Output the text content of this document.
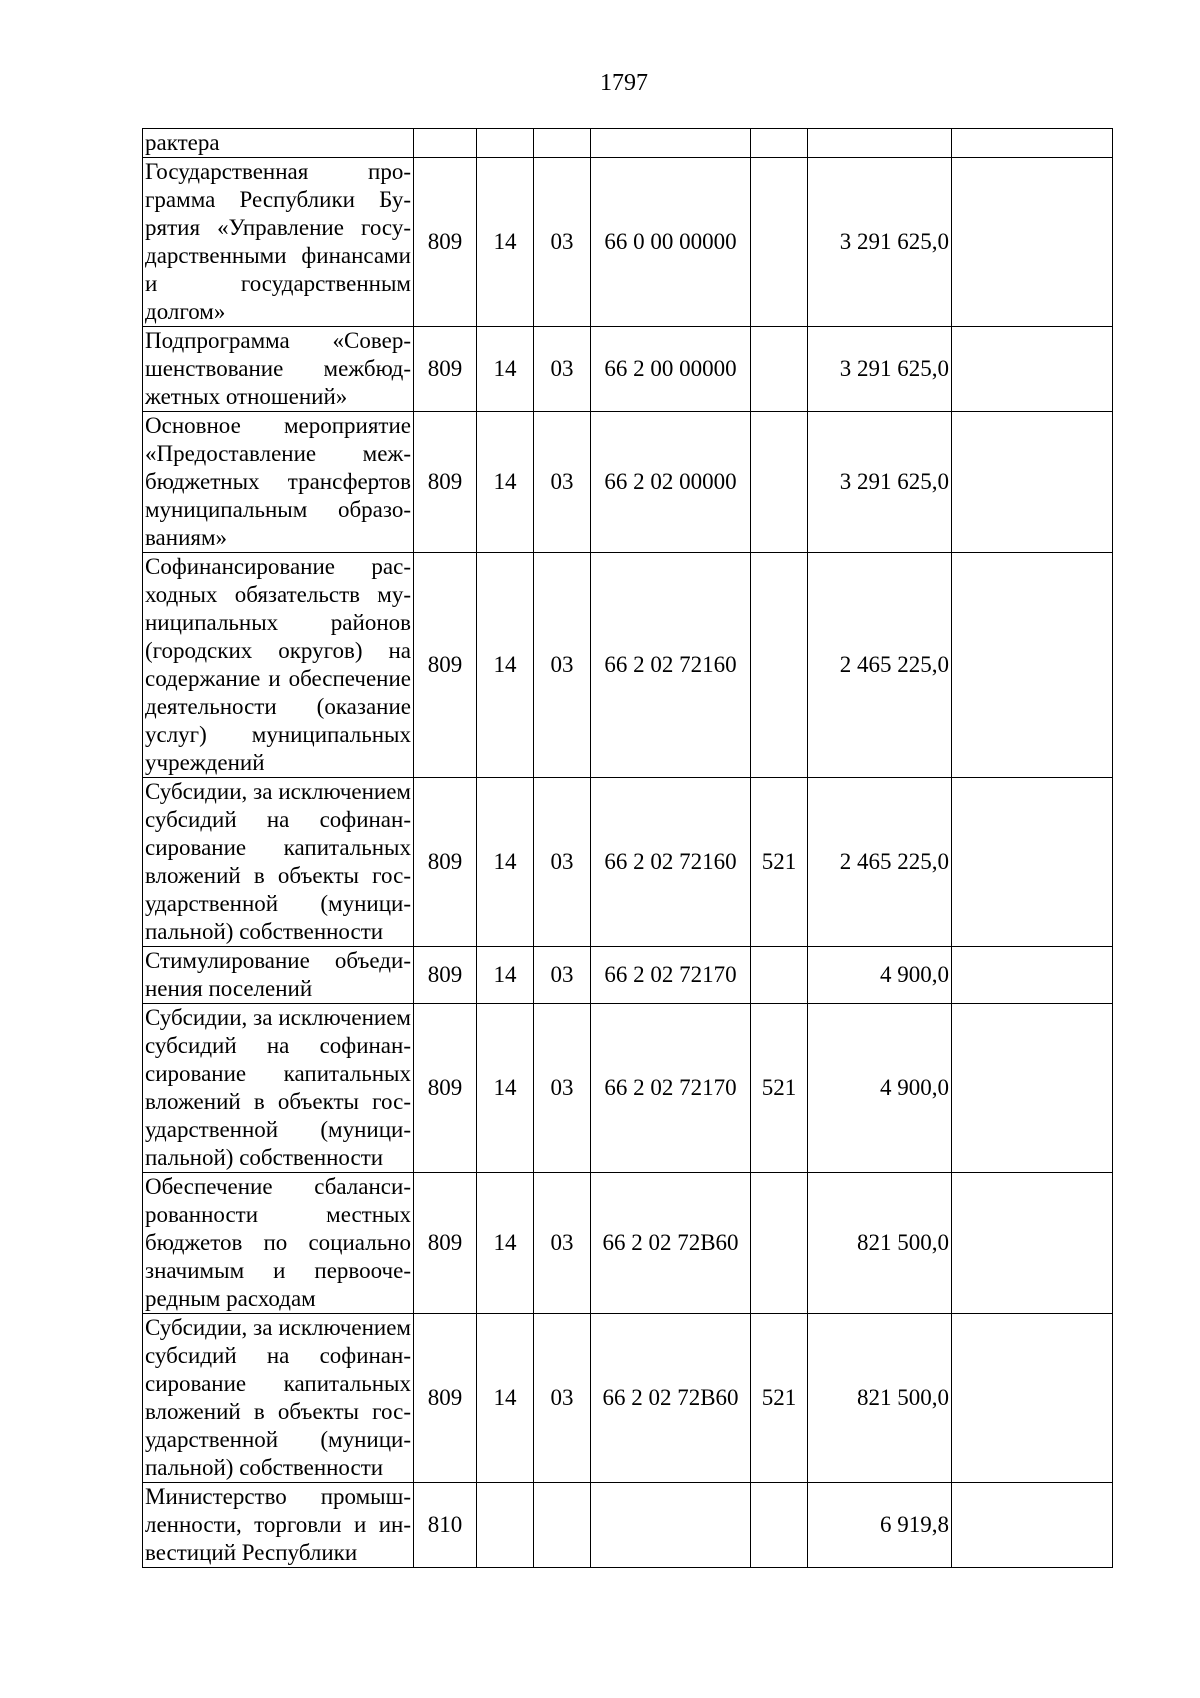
1797
рактера							
Государственная программа Республики Бурятия «Управление государственными финансами и государственным долгом»	809	14	03	66 0 00 00000		3 291 625,0	
Подпрограмма «Совершенствование межбюджетных отношений»	809	14	03	66 2 00 00000		3 291 625,0	
Основное мероприятие «Предоставление межбюджетных трансфертов муниципальным образованиям»	809	14	03	66 2 02 00000		3 291 625,0	
Софинансирование расходных обязательств муниципальных районов (городских округов) на содержание и обеспечение деятельности (оказание услуг) муниципальных учреждений	809	14	03	66 2 02 72160		2 465 225,0	
Субсидии, за исключением субсидий на софинансирование капитальных вложений в объекты государственной (муниципальной) собственности	809	14	03	66 2 02 72160	521	2 465 225,0	
Стимулирование объединения поселений	809	14	03	66 2 02 72170		4 900,0	
Субсидии, за исключением субсидий на софинансирование капитальных вложений в объекты государственной (муниципальной) собственности	809	14	03	66 2 02 72170	521	4 900,0	
Обеспечение сбалансированности местных бюджетов по социально значимым и первоочередным расходам	809	14	03	66 2 02 72В60		821 500,0	
Субсидии, за исключением субсидий на софинансирование капитальных вложений в объекты государственной (муниципальной) собственности	809	14	03	66 2 02 72В60	521	821 500,0	
Министерство промышленности, торговли и инвестиций Республики	810					6 919,8	
